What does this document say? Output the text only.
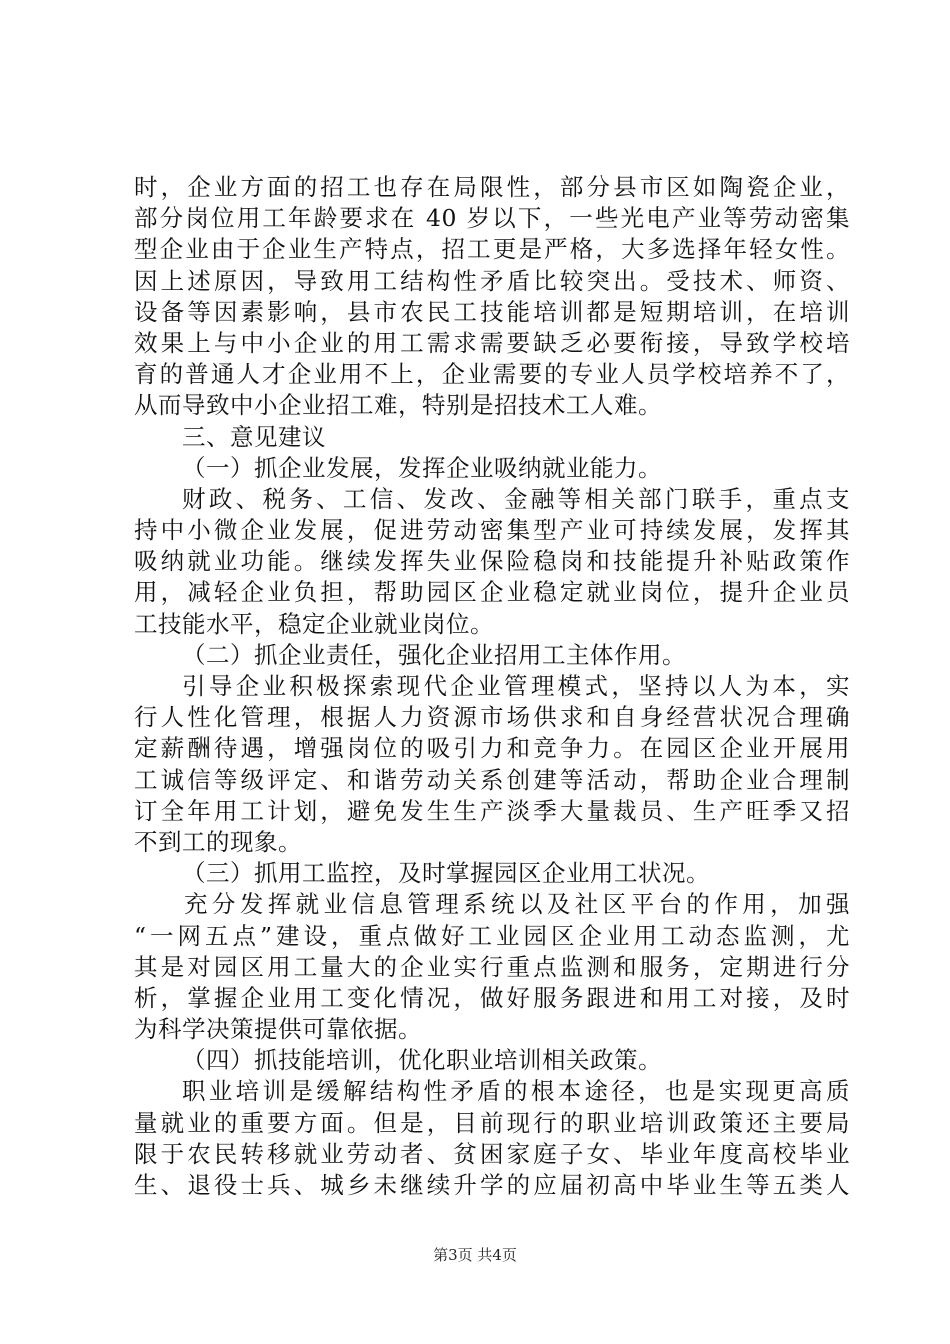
时，企业方面的招工也存在局限性，部分县市区如陶瓷企业，
部分岗位用工年龄要求在 40 岁以下，一些光电产业等劳动密集
型企业由于企业生产特点，招工更是严格，大多选择年轻女性。
因上述原因，导致用工结构性矛盾比较突出。受技术、师资、
设备等因素影响，县市农民工技能培训都是短期培训，在培训
效果上与中小企业的用工需求需要缺乏必要衔接，导致学校培
育的普通人才企业用不上，企业需要的专业人员学校培养不了，
从而导致中小企业招工难，特别是招技术工人难。
三、意见建议
（一）抓企业发展，发挥企业吸纳就业能力。
财政、税务、工信、发改、金融等相关部门联手，重点支
持中小微企业发展，促进劳动密集型产业可持续发展，发挥其
吸纳就业功能。继续发挥失业保险稳岗和技能提升补贴政策作
用，减轻企业负担，帮助园区企业稳定就业岗位，提升企业员
工技能水平，稳定企业就业岗位。
（二）抓企业责任，强化企业招用工主体作用。
引导企业积极探索现代企业管理模式，坚持以人为本，实
行人性化管理，根据人力资源市场供求和自身经营状况合理确
定薪酬待遇，增强岗位的吸引力和竞争力。在园区企业开展用
工诚信等级评定、和谐劳动关系创建等活动，帮助企业合理制
订全年用工计划，避免发生生产淡季大量裁员、生产旺季又招
不到工的现象。
（三）抓用工监控，及时掌握园区企业用工状况。
充分发挥就业信息管理系统以及社区平台的作用，加强
“一网五点”建设，重点做好工业园区企业用工动态监测，尤
其是对园区用工量大的企业实行重点监测和服务，定期进行分
析，掌握企业用工变化情况，做好服务跟进和用工对接，及时
为科学决策提供可靠依据。
（四）抓技能培训，优化职业培训相关政策。
职业培训是缓解结构性矛盾的根本途径，也是实现更高质
量就业的重要方面。但是，目前现行的职业培训政策还主要局
限于农民转移就业劳动者、贫困家庭子女、毕业年度高校毕业
生、退役士兵、城乡未继续升学的应届初高中毕业生等五类人
第3页 共4页
